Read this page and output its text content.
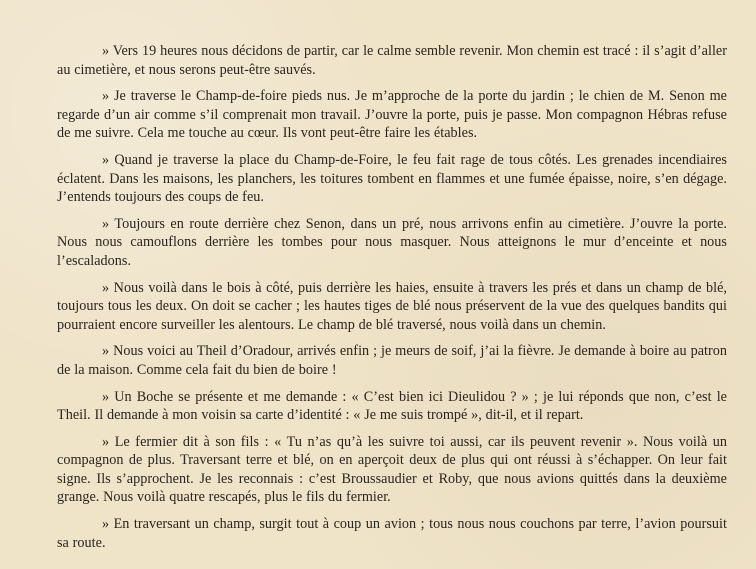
» Vers 19 heures nous décidons de partir, car le calme semble revenir. Mon chemin est tracé : il s’agit d’aller au cimetière, et nous serons peut-être sauvés.

» Je traverse le Champ-de-foire pieds nus. Je m’approche de la porte du jardin ; le chien de M. Senon me regarde d’un air comme s’il comprenait mon travail. J’ouvre la porte, puis je passe. Mon compagnon Hébras refuse de me suivre. Cela me touche au cœur. Ils vont peut-être faire les étables.

» Quand je traverse la place du Champ-de-Foire, le feu fait rage de tous côtés. Les grenades incendiaires éclatent. Dans les maisons, les planchers, les toitures tombent en flammes et une fumée épaisse, noire, s’en dégage. J’entends toujours des coups de feu.

» Toujours en route derrière chez Senon, dans un pré, nous arrivons enfin au cimetière. J’ouvre la porte. Nous nous camouflons derrière les tombes pour nous masquer. Nous atteignons le mur d’enceinte et nous l’escaladons.

» Nous voilà dans le bois à côté, puis derrière les haies, ensuite à travers les prés et dans un champ de blé, toujours tous les deux. On doit se cacher ; les hautes tiges de blé nous préservent de la vue des quelques bandits qui pourraient encore surveiller les alentours. Le champ de blé traversé, nous voilà dans un chemin.

» Nous voici au Theil d’Oradour, arrivés enfin ; je meurs de soif, j’ai la fièvre. Je demande à boire au patron de la maison. Comme cela fait du bien de boire !

» Un Boche se présente et me demande : « C’est bien ici Dieulidou ? » ; je lui réponds que non, c’est le Theil. Il demande à mon voisin sa carte d’identité : « Je me suis trompé », dit-il, et il repart.

» Le fermier dit à son fils : « Tu n’as qu’à les suivre toi aussi, car ils peuvent revenir ». Nous voilà un compagnon de plus. Traversant terre et blé, on en aperçoit deux de plus qui ont réussi à s’échapper. On leur fait signe. Ils s’approchent. Je les reconnais : c’est Broussaudier et Roby, que nous avions quittés dans la deuxième grange. Nous voilà quatre rescapés, plus le fils du fermier.

» En traversant un champ, surgit tout à coup un avion ; tous nous nous couchons par terre, l’avion poursuit sa route.
